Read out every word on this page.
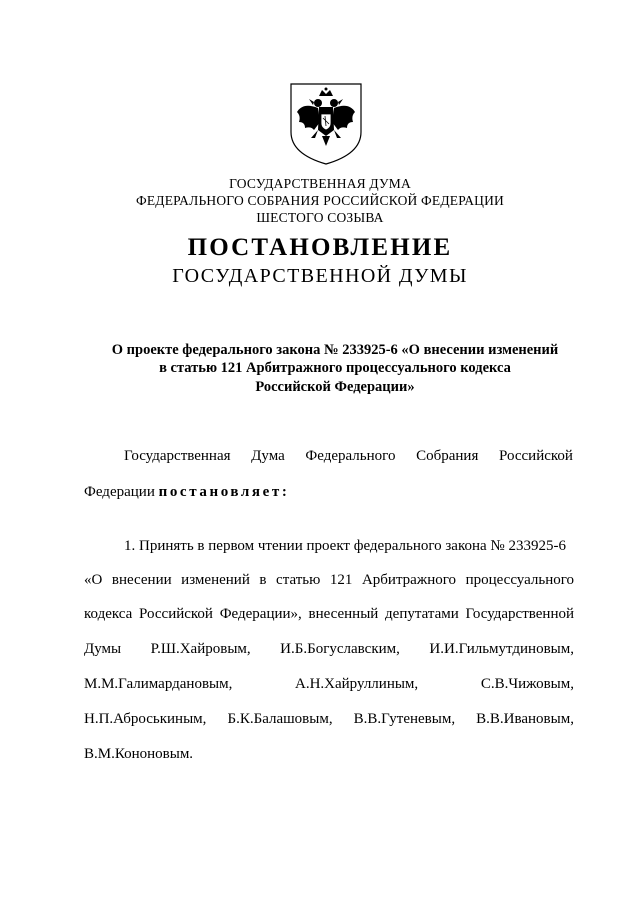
ГОСУДАРСТВЕННАЯ ДУМА
ФЕДЕРАЛЬНОГО СОБРАНИЯ РОССИЙСКОЙ ФЕДЕРАЦИИ
ШЕСТОГО СОЗЫВА
ПОСТАНОВЛЕНИЕ
ГОСУДАРСТВЕННОЙ ДУМЫ
О проекте федерального закона № 233925-6 «О внесении изменений
в статью 121 Арбитражного процессуального кодекса
Российской Федерации»
Государственная Дума Федерального Собрания Российской
Федерации постановляет:
1. Принять в первом чтении проект федерального закона № 233925-6
«О внесении изменений в статью 121 Арбитражного процессуального
кодекса Российской Федерации», внесенный депутатами Государственной
Думы Р.Ш.Хайровым, И.Б.Богуславским, И.И.Гильмутдиновым,
М.М.Галимардановым,	А.Н.Хайруллиным,	С.В.Чижовым,
Н.П.Аброськиным, Б.К.Балашовым, В.В.Гутеневым, В.В.Ивановым,
В.М.Кононовым.
